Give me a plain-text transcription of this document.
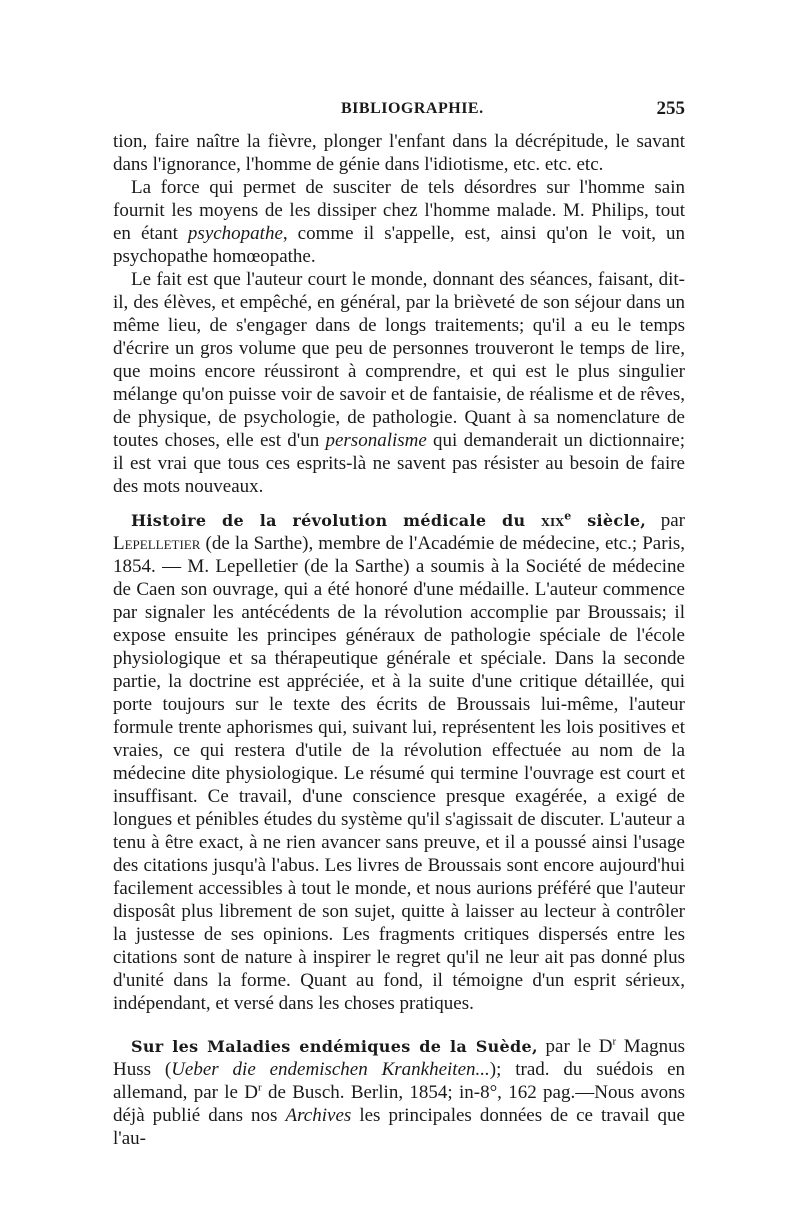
BIBLIOGRAPHIE.	255

tion, faire naître la fièvre, plonger l'enfant dans la décrépitude, le savant dans l'ignorance, l'homme de génie dans l'idiotisme, etc. etc. etc.

La force qui permet de susciter de tels désordres sur l'homme sain fournit les moyens de les dissiper chez l'homme malade. M. Philips, tout en étant psychopathe, comme il s'appelle, est, ainsi qu'on le voit, un psychopathe homœopathe.

Le fait est que l'auteur court le monde, donnant des séances, faisant, dit-il, des élèves, et empêché, en général, par la brièveté de son séjour dans un même lieu, de s'engager dans de longs traitements; qu'il a eu le temps d'écrire un gros volume que peu de personnes trouveront le temps de lire, que moins encore réussiront à comprendre, et qui est le plus singulier mélange qu'on puisse voir de savoir et de fantaisie, de réalisme et de rêves, de physique, de psychologie, de pathologie. Quant à sa nomenclature de toutes choses, elle est d'un personalisme qui demanderait un dictionnaire; il est vrai que tous ces esprits-là ne savent pas résister au besoin de faire des mots nouveaux.

Histoire de la révolution médicale du xix$^e$ siècle, par Lepelletier (de la Sarthe), membre de l'Académie de médecine, etc.; Paris, 1854. — M. Lepelletier (de la Sarthe) a soumis à la Société de médecine de Caen son ouvrage, qui a été honoré d'une médaille. L'auteur commence par signaler les antécédents de la révolution accomplie par Broussais; il expose ensuite les principes généraux de pathologie spéciale de l'école physiologique et sa thérapeutique générale et spéciale. Dans la seconde partie, la doctrine est appréciée, et à la suite d'une critique détaillée, qui porte toujours sur le texte des écrits de Broussais lui-même, l'auteur formule trente aphorismes qui, suivant lui, représentent les lois positives et vraies, ce qui restera d'utile de la révolution effectuée au nom de la médecine dite physiologique. Le résumé qui termine l'ouvrage est court et insuffisant. Ce travail, d'une conscience presque exagérée, a exigé de longues et pénibles études du système qu'il s'agissait de discuter. L'auteur a tenu à être exact, à ne rien avancer sans preuve, et il a poussé ainsi l'usage des citations jusqu'à l'abus. Les livres de Broussais sont encore aujourd'hui facilement accessibles à tout le monde, et nous aurions préféré que l'auteur disposât plus librement de son sujet, quitte à laisser au lecteur à contrôler la justesse de ses opinions. Les fragments critiques dispersés entre les citations sont de nature à inspirer le regret qu'il ne leur ait pas donné plus d'unité dans la forme. Quant au fond, il témoigne d'un esprit sérieux, indépendant, et versé dans les choses pratiques.

Sur les Maladies endémiques de la Suède, par le $D^r$ Magnus Huss (Ueber die endemischen Krankheiten...); trad. du suédois en allemand, par le $D^r$ de Busch. Berlin, 1854; in-8°, 162 pag.—Nous avons déjà publié dans nos Archives les principales données de ce travail que l'au-
